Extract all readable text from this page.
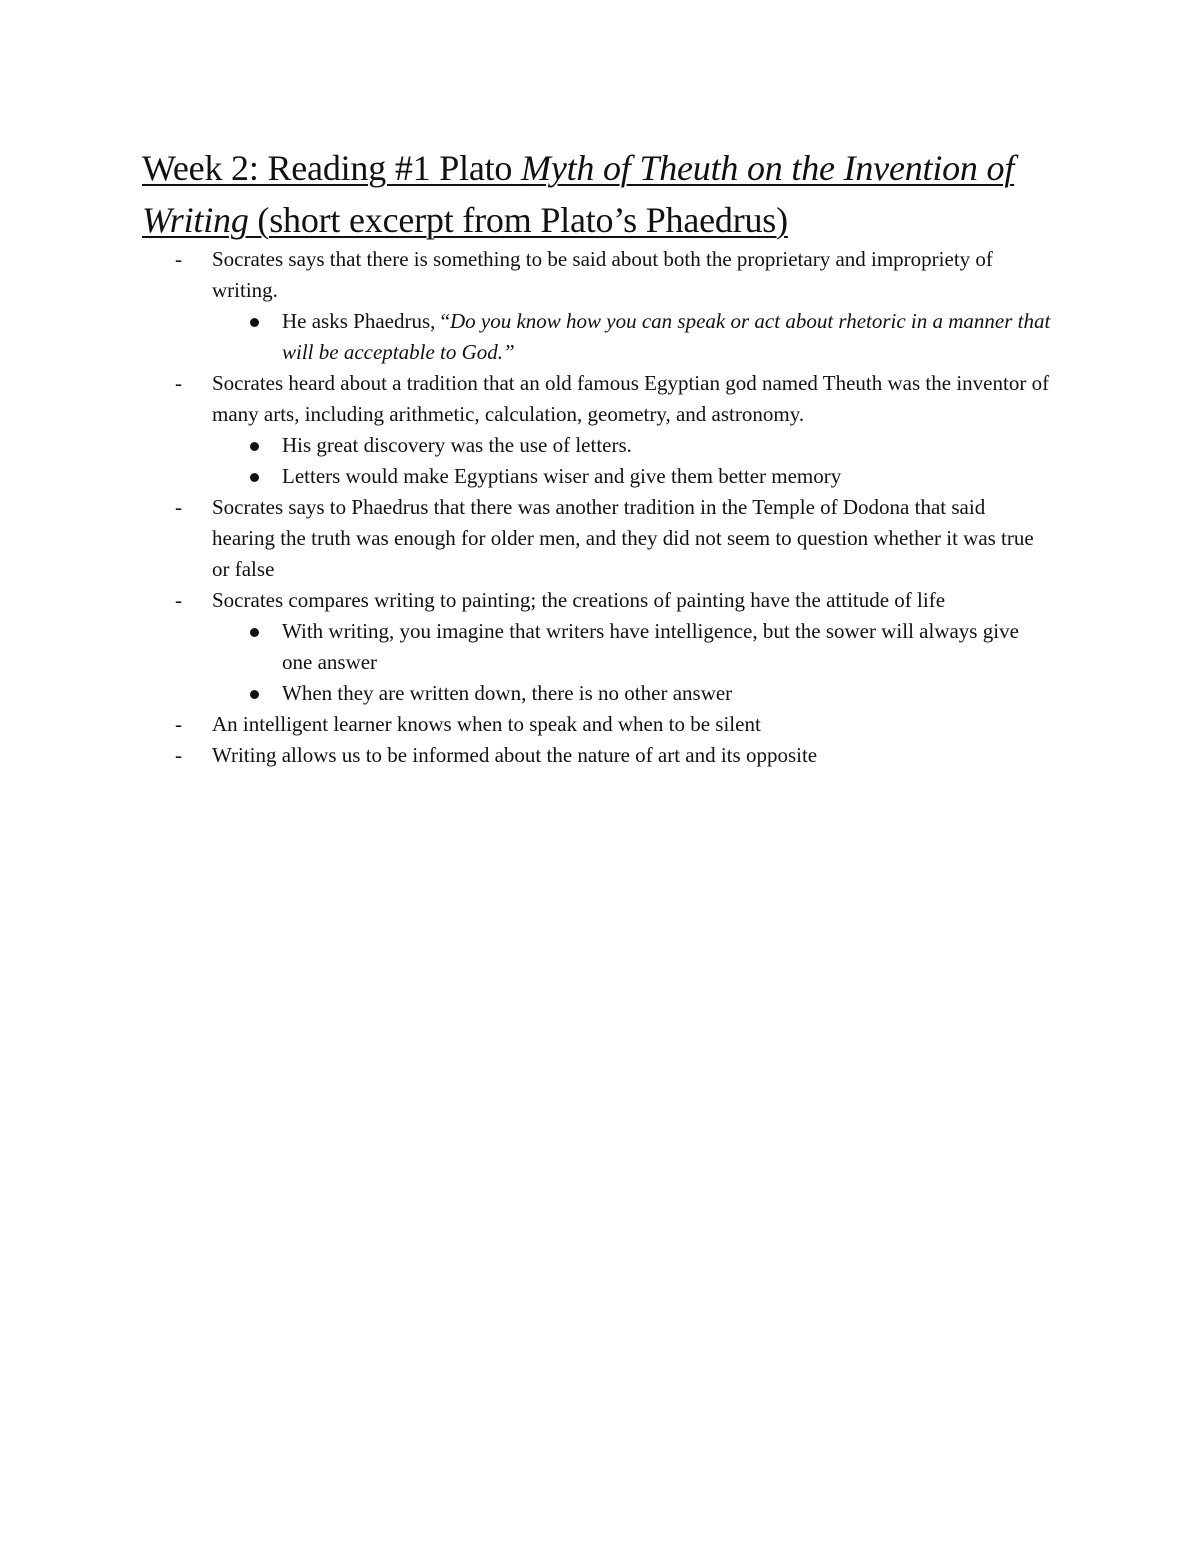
Week 2: Reading #1 Plato Myth of Theuth on the Invention of Writing (short excerpt from Plato’s Phaedrus)
- Socrates says that there is something to be said about both the proprietary and impropriety of writing.
He asks Phaedrus, “Do you know how you can speak or act about rhetoric in a manner that will be acceptable to God.”
- Socrates heard about a tradition that an old famous Egyptian god named Theuth was the inventor of many arts, including arithmetic, calculation, geometry, and astronomy.
His great discovery was the use of letters.
Letters would make Egyptians wiser and give them better memory
- Socrates says to Phaedrus that there was another tradition in the Temple of Dodona that said hearing the truth was enough for older men, and they did not seem to question whether it was true or false
- Socrates compares writing to painting; the creations of painting have the attitude of life
With writing, you imagine that writers have intelligence, but the sower will always give one answer
When they are written down, there is no other answer
- An intelligent learner knows when to speak and when to be silent
- Writing allows us to be informed about the nature of art and its opposite
